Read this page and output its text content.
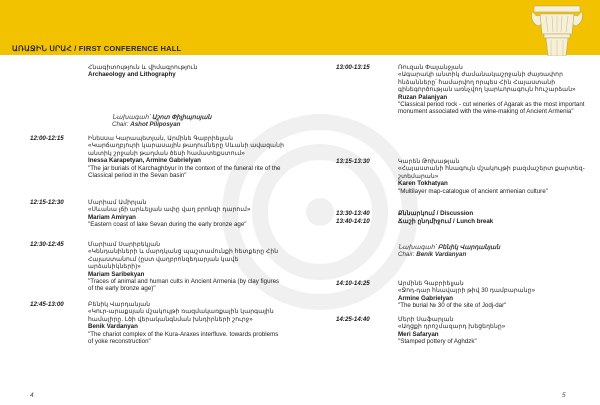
ԱՌԱՋԻՆ ՍՐԱՀ / FIRST CONFERENCE HALL
Հնագիտություն և վիմագրություն
Archaeology and Lithography
Նախագահ՝ Աշոտ Փիլիպոսյան
Chair: Ashot Piliposyan
12:00-12:15	Ինեսսա Կարապետյան, Արմինե Գաբրիելյան
«Կարճաղբյուրի կարասային թաղումները Սևանի ավազանի անտիկ շրջանի թաղման ծեսի համատեքստում»
Inessa Karapetyan, Armine Gabrielyan
"The jar burials of Karchaghbyur in the context of the funeral rite of the Classical period in the Sevan basin"
12:15-12:30	Մարիամ Ամիրյան
«Սևանա լճի արևելյան ափը վաղ բրոնզի դարում»
Mariam Amiryan
"Eastern coast of lake Sevan during the early bronze age"
12:30-12:45	Մարիամ Սարիբեկյան
«Կենդանիների և մարդկանց պաշտամունքի հետքերը Հին Հայաստանում (ըստ վաղբրոնզեդարյան կավե արձանիկների)»
Mariam Saribekyan
"Traces of animal and human cults in Ancient Armenia (by clay figures of the early bronze age)"
12:45-13:00	Բենիկ Վարդանյան
«Կուր-արաքսյան մշակույթի ռազմակառքային կարգային համալիրը. Լծի վերականգնման խնդիրների շուրջ»
Benik Vardanyan
"The chariot complex of the Kura-Araxes interfluve. towards problems of yoke reconstruction"
13:00-13:15	Ռուզան Փալանջյան
«Ագարակի անտիկ ժամանակաշրջանի ժայռափոր հնձանները՝ համարվող որպես Հին Հայաստանի գինեգործության առնչվող կարևորագույն հուշարձան»
Ruzan Palanjyan
"Classical period rock - cut wineries of Agarak as the most important monument associated with the wine-making of Ancient Armenia"
13:15-13:30	Կարեն Թոխաթյան
«Հայաստանի հնագույն մշակույթի բազմաշերտ քարտեզ-շտեմարան»
Karen Tokhatyan
"Multilayer map-catalogue of ancient armenian culture"
13:30-13:40	Քննարկում / Discussion
13:40-14:10	Ճաշի ընդմիջում / Lunch break
Նախագահ՝ Բենիկ Վարդանյան
Chair: Benik Vardanyan
14:10-14:25	Արմինե Գաբրիելյան
«Ջոդ-դար հնավայրի թիվ 30 դամբարանը»
Armine Gabrielyan
"The burial № 30 of the site of Jodj-dar"
14:25-14:40	Մերի Սաֆարյան
«Աղցքի դրոշմազարդ խեցեղենը»
Meri Safaryan
"Stamped pottery of Aghdzk"
4	5
